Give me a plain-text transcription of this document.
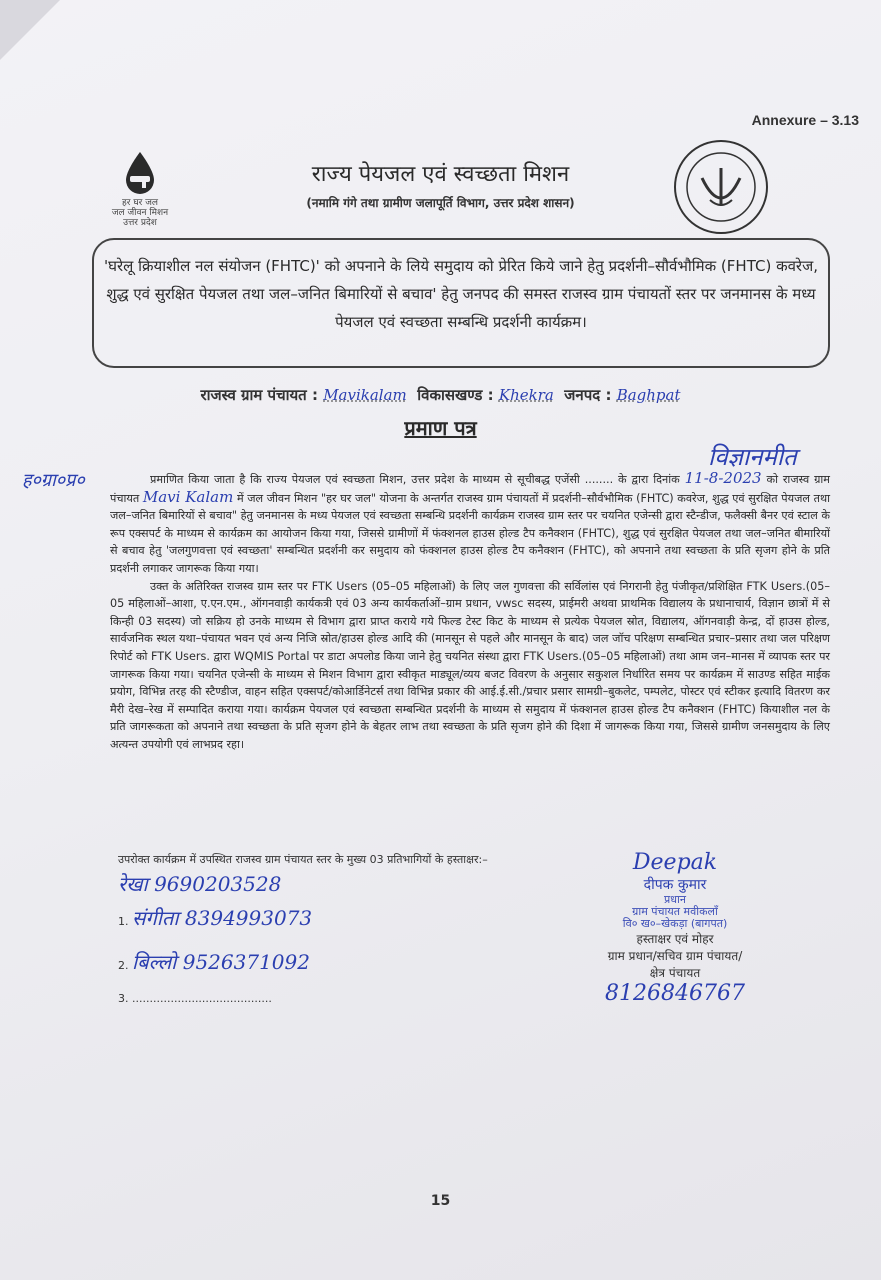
Annexure – 3.13
हर घर जल
जल जीवन मिशन
उत्तर प्रदेश
राज्य पेयजल एवं स्वच्छता मिशन
(नमामि गंगे तथा ग्रामीण जलापूर्ति विभाग, उत्तर प्रदेश शासन)
'घरेलू क्रियाशील नल संयोजन (FHTC)' को अपनाने के लिये समुदाय को प्रेरित किये जाने हेतु प्रदर्शनी–सौर्वभौमिक (FHTC) कवरेज, शुद्ध एवं सुरक्षित पेयजल तथा जल–जनित बिमारियों से बचाव' हेतु जनपद की समस्त राजस्व ग्राम पंचायतों स्तर पर जनमानस के मध्य पेयजल एवं स्वच्छता सम्बन्धि प्रदर्शनी कार्यक्रम।
राजस्व ग्राम पंचायत : Mavikalam विकासखण्ड : Khekra जनपद : Baghpat
प्रमाण पत्र
ह०ग्रा०प्र०
विज्ञानमीत

प्रमाणित किया जाता है कि राज्य पेयजल एवं स्वच्छता मिशन, उत्तर प्रदेश के माध्यम से सूचीबद्ध एजेंसी ........ के द्वारा दिनांक 11-8-2023 को राजस्व ग्राम पंचायत Mavi Kalam में जल जीवन मिशन "हर घर जल" योजना के अन्तर्गत राजस्व ग्राम पंचायतों में प्रदर्शनी–सौर्वभौमिक (FHTC) कवरेज, शुद्ध एवं सुरक्षित पेयजल तथा जल–जनित बिमारियों से बचाव" हेतु जनमानस के मध्य पेयजल एवं स्वच्छता सम्बन्धि प्रदर्शनी कार्यक्रम राजस्व ग्राम स्तर पर चयनित एजेन्सी द्वारा स्टैन्डीज, फलैक्सी बैनर एवं स्टाल के रूप एक्सपर्ट के माध्यम से कार्यक्रम का आयोजन किया गया, जिससे ग्रामीणों में फंक्शनल हाउस होल्ड टैप कनैक्शन (FHTC), शुद्ध एवं सुरक्षित पेयजल तथा जल–जनित बीमारियों से बचाव हेतु 'जलगुणवत्ता एवं स्वच्छता' सम्बन्धित प्रदर्शनी कर समुदाय को फंक्शनल हाउस होल्ड टैप कनैक्शन (FHTC), को अपनाने तथा स्वच्छता के प्रति सृजग होने के प्रति प्रदर्शनी लगाकर जागरूक किया गया।

उक्त के अतिरिक्त राजस्व ग्राम स्तर पर FTK Users (05–05 महिलाओं) के लिए जल गुणवत्ता की सर्विलांस एवं निगरानी हेतु पंजीकृत/प्रशिक्षित FTK Users.(05–05 महिलाओं–आशा, ए.एन.एम., ऑगनवाड़ी कार्यकत्री एवं 03 अन्य कार्यकर्ताओं–ग्राम प्रधान, vwsc सदस्य, प्राईमरी अथवा प्राथमिक विद्यालय के प्रधानाचार्य, विज्ञान छात्रों में से किन्ही 03 सदस्य) जो सक्रिय हो उनके माध्यम से विभाग द्वारा प्राप्त कराये गये फिल्ड टेस्ट किट के माध्यम से प्रत्येक पेयजल स्रोत, विद्यालय, ऑगनवाड़ी केन्द्र, दों हाउस होल्ड, सार्वजनिक स्थल यथा–पंचायत भवन एवं अन्य निजि स्रोत/हाउस होल्ड आदि की (मानसून से पहले और मानसून के बाद) जल जॉच परिक्षण सम्बन्धित प्रचार–प्रसार तथा जल परिक्षण रिपोर्ट को FTK Users. द्वारा WQMIS Portal पर डाटा अपलोड किया जाने हेतु चयनित संस्था द्वारा FTK Users.(05–05 महिलाओं) तथा आम जन–मानस में व्यापक स्तर पर जागरूक किया गया। चयनित एजेन्सी के माध्यम से मिशन विभाग द्वारा स्वीकृत माड्यूल/व्यय बजट विवरण के अनुसार सकुशल निर्धारित समय पर कार्यक्रम में साउण्ड सहित माईक प्रयोग, विभिन्न तरह की स्टैण्डीज, वाहन सहित एक्सपर्ट/कोआर्डिनेटर्स तथा विभिन्न प्रकार की आई.ई.सी./प्रचार प्रसार सामग्री–बुकलेट, पम्पलेट, पोस्टर एवं स्टीकर इत्यादि वितरण कर मैरी देख–रेख में सम्पादित कराया गया। कार्यक्रम पेयजल एवं स्वच्छता सम्बन्धित प्रदर्शनी के माध्यम से समुदाय में फंक्शनल हाउस होल्ड टैप कनैक्शन (FHTC) कियाशील नल के प्रति जागरूकता को अपनाने तथा स्वच्छता के प्रति सृजग होने के बेहतर लाभ तथा स्वच्छता के प्रति सृजग होने की दिशा में जागरूक किया गया, जिससे ग्रामीण जनसमुदाय के लिए अत्यन्त उपयोगी एवं लाभप्रद रहा।

उपरोक्त कार्यक्रम में उपस्थित राजस्व ग्राम पंचायत स्तर के मुख्य 03 प्रतिभागियों के हस्ताक्षर:–
रेखा 9690203528
1. संगीता 8394993073
2. बिल्लो 9526371092
3. ........................................
Deepak
दीपक कुमार
प्रधान
ग्राम पंचायत मवीकलाँ
वि० ख०–खेकड़ा (बागपत)
हस्ताक्षर एवं मोहर
ग्राम प्रधान/सचिव ग्राम पंचायत/
क्षेत्र पंचायत
8126846767
15
